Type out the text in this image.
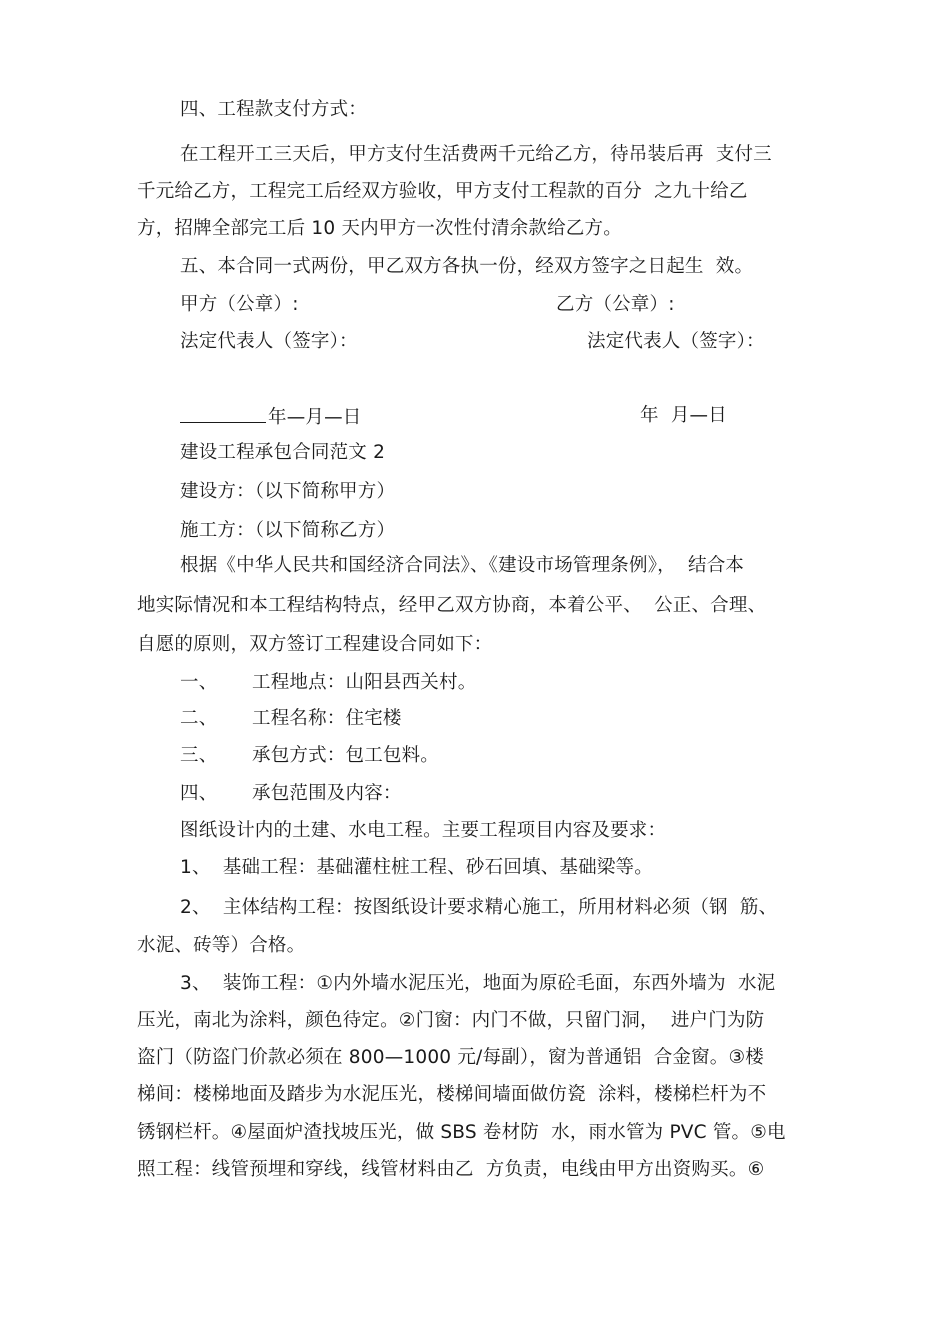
四、工程款支付方式：
在工程开工三天后，甲方支付生活费两千元给乙方，待吊装后再  支付三
千元给乙方，工程完工后经双方验收，甲方支付工程款的百分  之九十给乙
方，招牌全部完工后 10 天内甲方一次性付清余款给乙方。
五、本合同一式两份，甲乙双方各执一份，经双方签字之日起生  效。
甲方（公章）:	乙方（公章）:
法定代表人（签字）：	法定代表人（签字）：
年—月—日	年  月—日
建设工程承包合同范文 2
建设方：（以下简称甲方）
施工方：（以下简称乙方）
根据《中华人民共和国经济合同法》、《建设市场管理条例》，  结合本
地实际情况和本工程结构特点，经甲乙双方协商，本着公平、  公正、合理、
自愿的原则，双方签订工程建设合同如下：
一、 工程地点：山阳县西关村。
二、 工程名称：住宅楼
三、 承包方式：包工包料。
四、 承包范围及内容：
图纸设计内的土建、水电工程。主要工程项目内容及要求：
1、  基础工程：基础灌柱桩工程、砂石回填、基础梁等。
2、  主体结构工程：按图纸设计要求精心施工，所用材料必须（钢  筋、
水泥、砖等）合格。
3、  装饰工程：①内外墙水泥压光，地面为原砼毛面，东西外墙为  水泥
压光，南北为涂料，颜色待定。②门窗：内门不做，只留门洞，  进户门为防
盗门（防盗门价款必须在 800—1000 元/每副），窗为普通铝  合金窗。③楼
梯间：楼梯地面及踏步为水泥压光，楼梯间墙面做仿瓷  涂料，楼梯栏杆为不
锈钢栏杆。④屋面炉渣找坡压光，做 SBS 卷材防  水，雨水管为 PVC 管。⑤电
照工程：线管预埋和穿线，线管材料由乙  方负责，电线由甲方出资购买。⑥
